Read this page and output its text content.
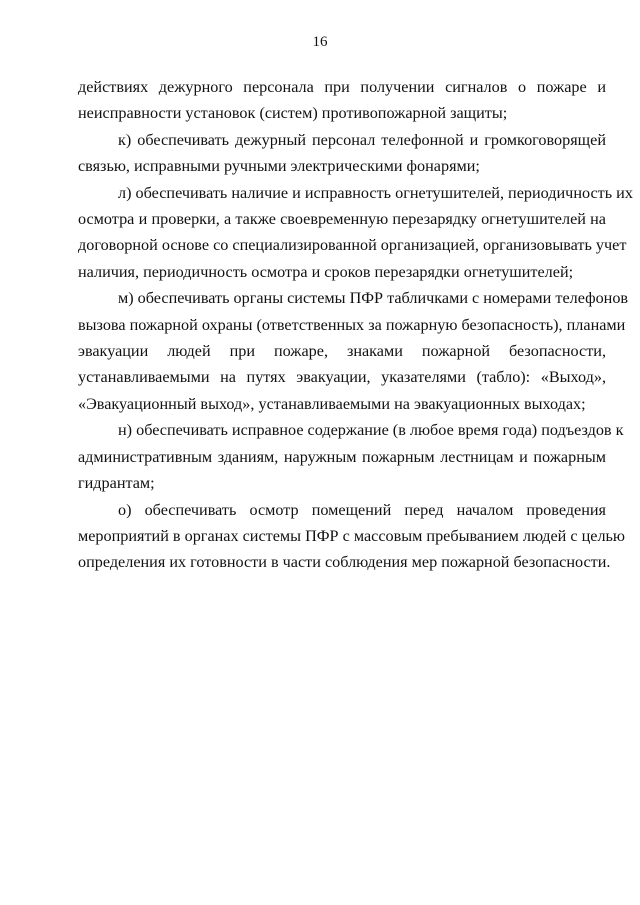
16
действиях дежурного персонала при получении сигналов о пожаре и
неисправности установок (систем) противопожарной защиты;
к) обеспечивать дежурный персонал телефонной и громкоговорящей
связью, исправными ручными электрическими фонарями;
л) обеспечивать наличие и исправность огнетушителей, периодичность их
осмотра и проверки, а также своевременную перезарядку огнетушителей на
договорной основе со специализированной организацией, организовывать учет
наличия, периодичность осмотра и сроков перезарядки огнетушителей;
м) обеспечивать органы системы ПФР табличками с номерами телефонов
вызова пожарной охраны (ответственных за пожарную безопасность), планами
эвакуации людей при пожаре, знаками пожарной безопасности,
устанавливаемыми на путях эвакуации, указателями (табло): «Выход»,
«Эвакуационный выход», устанавливаемыми на эвакуационных выходах;
н) обеспечивать исправное содержание (в любое время года) подъездов к
административным зданиям, наружным пожарным лестницам и пожарным
гидрантам;
о) обеспечивать осмотр помещений перед началом проведения
мероприятий в органах системы ПФР с массовым пребыванием людей с целью
определения их готовности в части соблюдения мер пожарной безопасности.
